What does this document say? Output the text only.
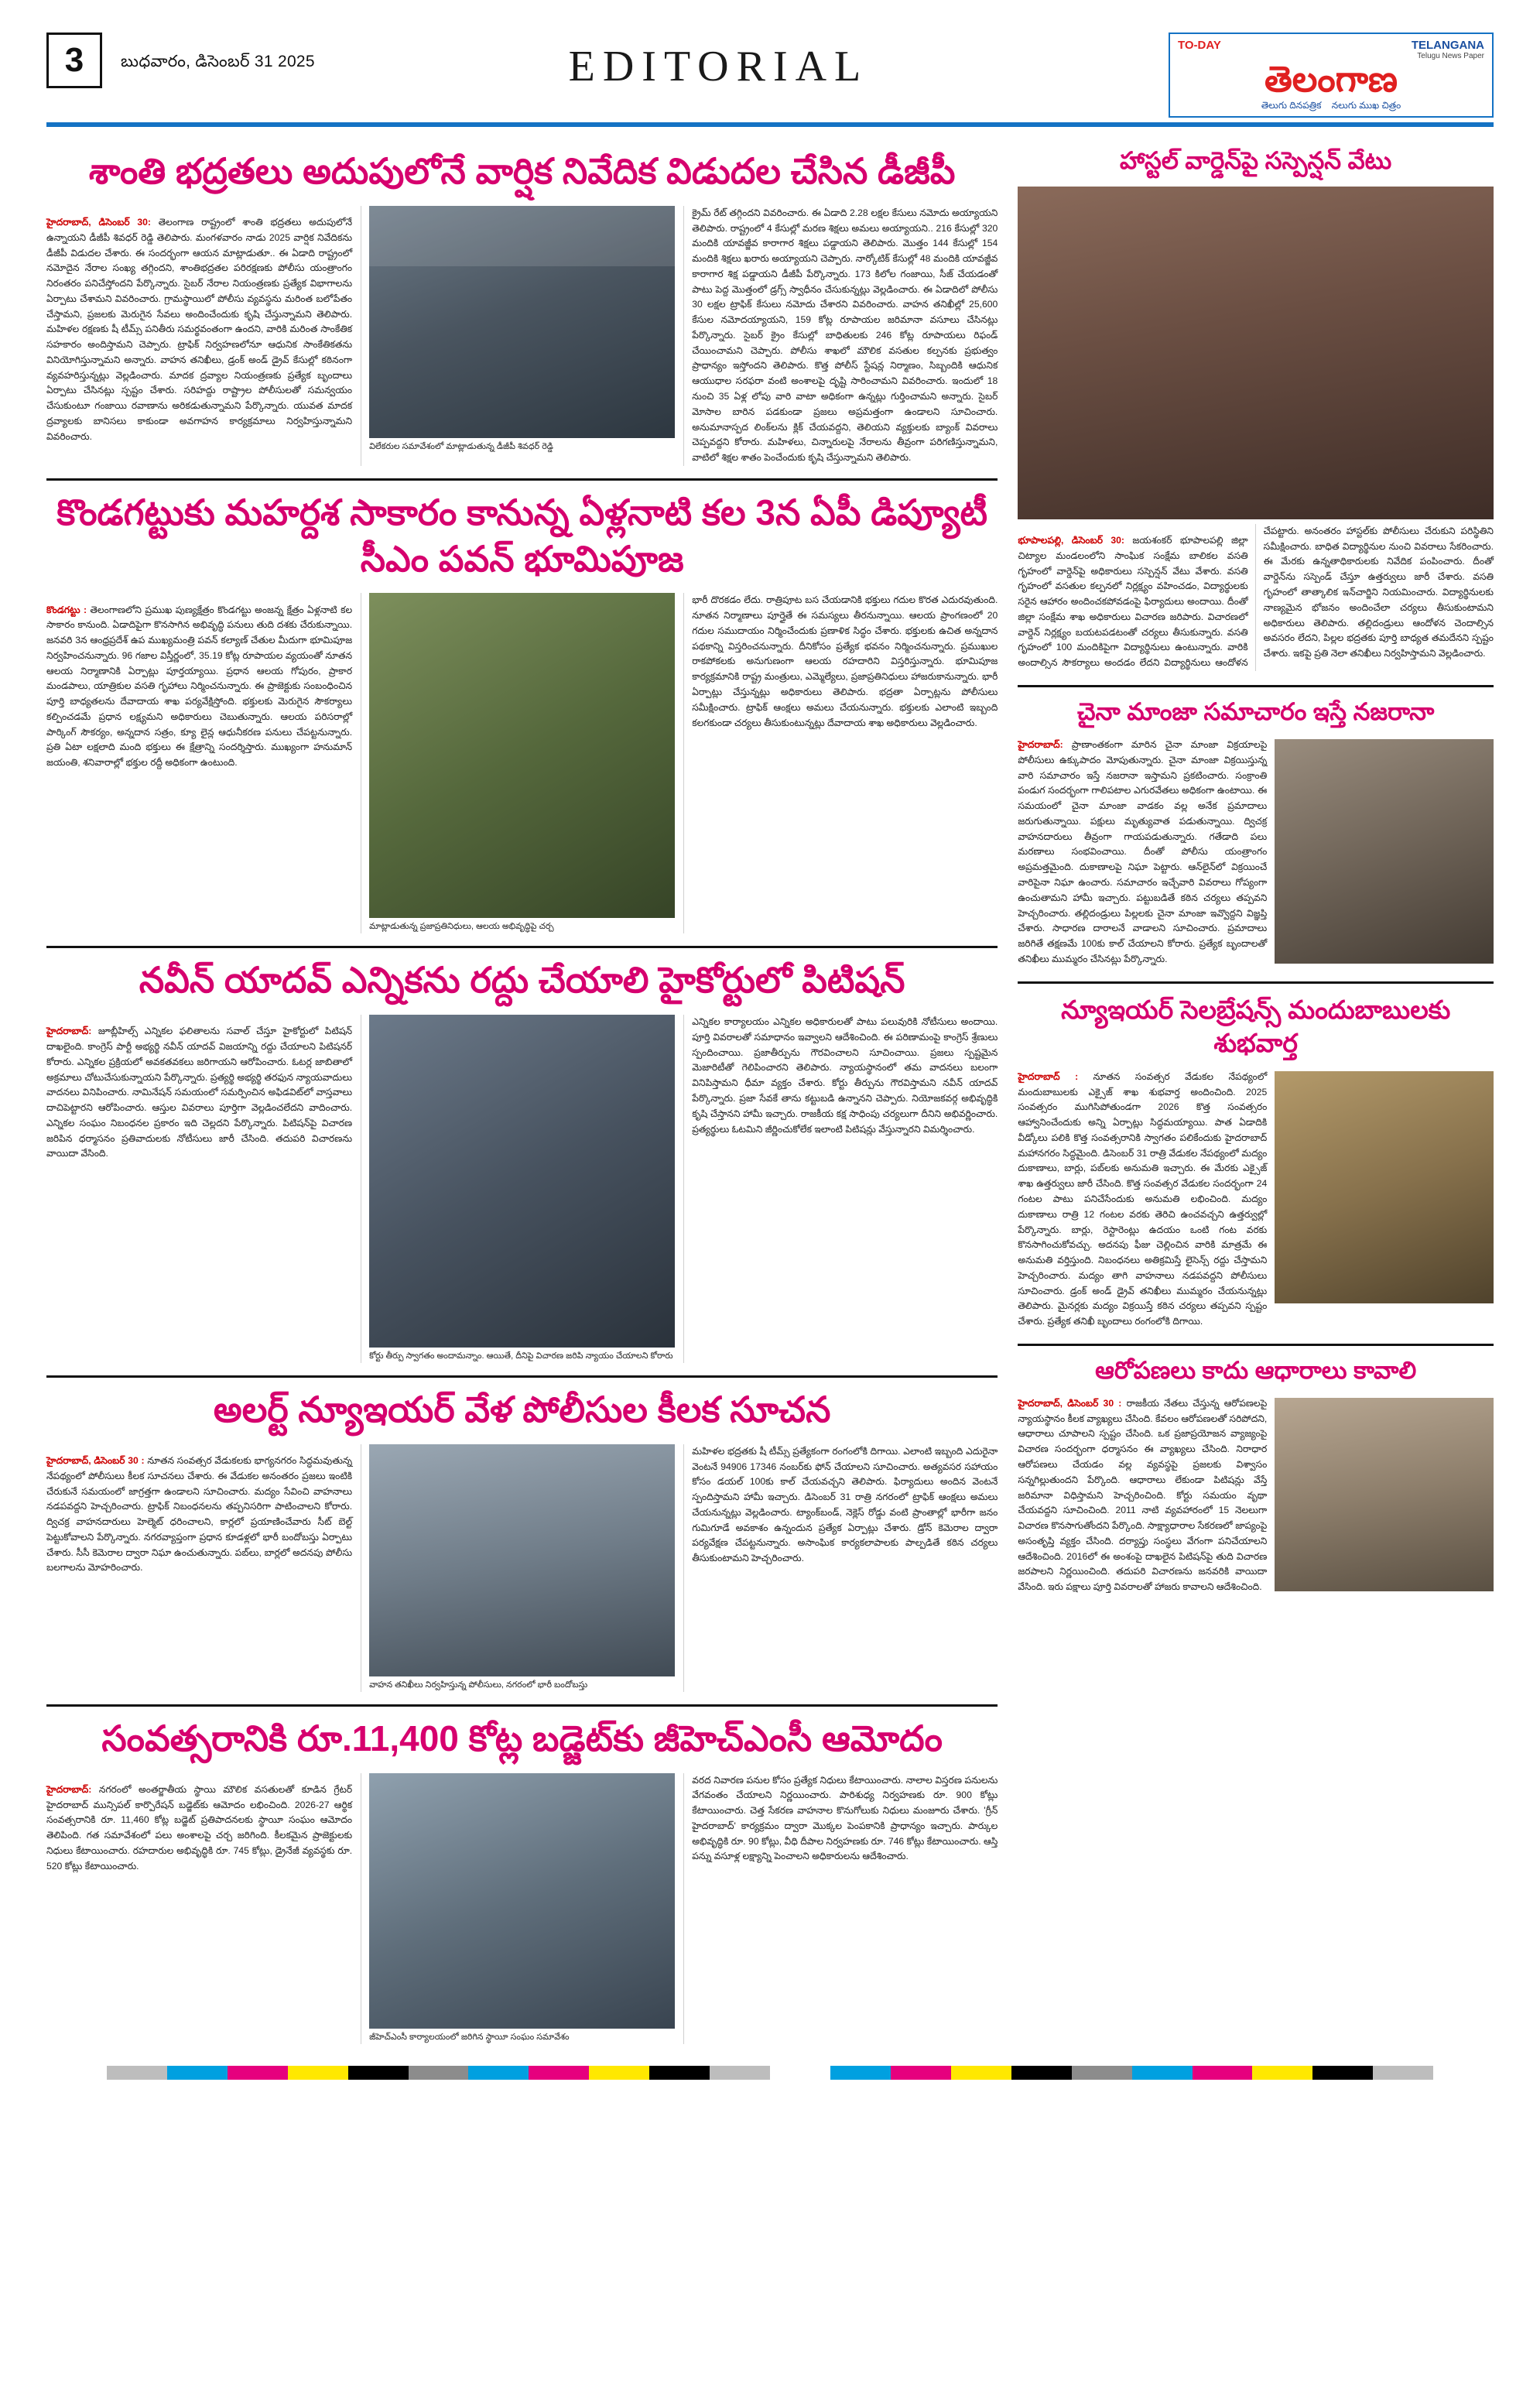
3	బుధవారం, డిసెంబర్ 31 2025	EDITORIAL	TO-DAY	TELANGANA
Telugu News Paper
తెలంగాణ
తెలుగు దినపత్రిక నలుగు ముఖ చిత్రం
శాంతి భద్రతలు అదుపులోనే వార్షిక నివేదిక విడుదల చేసిన డీజీపీ

హైదరాబాద్, డిసెంబర్ 30: తెలంగాణ రాష్ట్రంలో శాంతి భద్రతలు అదుపులోనే ఉన్నాయని డీజీపీ శివధర్ రెడ్డి తెలిపారు. మంగళవారం నాడు 2025 వార్షిక నివేదికను డీజీపీ విడుదల చేశారు. ఈ సందర్భంగా ఆయన మాట్లాడుతూ.. ఈ ఏడాది రాష్ట్రంలో నమోదైన నేరాల సంఖ్య తగ్గిందని, శాంతిభద్రతల పరిరక్షణకు పోలీసు యంత్రాంగం నిరంతరం పనిచేస్తోందని పేర్కొన్నారు. సైబర్ నేరాల నియంత్రణకు ప్రత్యేక విభాగాలను ఏర్పాటు చేశామని వివరించారు. గ్రామస్థాయిలో పోలీసు వ్యవస్థను మరింత బలోపేతం చేస్తామని, ప్రజలకు మెరుగైన సేవలు అందించేందుకు కృషి చేస్తున్నామని తెలిపారు. మహిళల రక్షణకు షీ టీమ్స్ పనితీరు సమర్థవంతంగా ఉందని, వారికి మరింత సాంకేతిక సహకారం అందిస్తామని చెప్పారు. ట్రాఫిక్ నిర్వహణలోనూ ఆధునిక సాంకేతికతను వినియోగిస్తున్నామని అన్నారు. వాహన తనిఖీలు, డ్రంక్ అండ్ డ్రైవ్ కేసుల్లో కఠినంగా వ్యవహరిస్తున్నట్లు వెల్లడించారు. మాదక ద్రవ్యాల నియంత్రణకు ప్రత్యేక బృందాలు ఏర్పాటు చేసినట్లు స్పష్టం చేశారు. సరిహద్దు రాష్ట్రాల పోలీసులతో సమన్వయం చేసుకుంటూ గంజాయి రవాణాను అరికడుతున్నామని పేర్కొన్నారు. యువత మాదక ద్రవ్యాలకు బానిసలు కాకుండా అవగాహన కార్యక్రమాలు నిర్వహిస్తున్నామని వివరించారు.

విలేకరుల సమావేశంలో మాట్లాడుతున్న డీజీపీ శివధర్ రెడ్డి

క్రైమ్ రేట్ తగ్గిందని వివరించారు. ఈ ఏడాది 2.28 లక్షల కేసులు నమోదు అయ్యాయని తెలిపారు. రాష్ట్రంలో 4 కేసుల్లో మరణ శిక్షలు అమలు అయ్యాయని.. 216 కేసుల్లో 320 మందికి యావజ్జీవ కారాగార శిక్షలు పడ్డాయని తెలిపారు. మొత్తం 144 కేసుల్లో 154 మందికి శిక్షలు ఖరారు అయ్యాయని చెప్పారు. నార్కోటిక్ కేసుల్లో 48 మందికి యావజ్జీవ కారాగార శిక్ష పడ్డాయని డీజీపీ పేర్కొన్నారు. 173 కిలోల గంజాయి, సీజ్ చేయడంతో పాటు పెద్ద మొత్తంలో డ్రగ్స్ స్వాధీనం చేసుకున్నట్లు వెల్లడించారు. ఈ ఏడాదిలో పోలీసు 30 లక్షల ట్రాఫిక్ కేసులు నమోదు చేశారని వివరించారు. వాహన తనిఖీల్లో 25,600 కేసుల నమోదయ్యాయని, 159 కోట్ల రూపాయల జరిమానా వసూలు చేసినట్లు పేర్కొన్నారు. సైబర్ క్రైం కేసుల్లో బాధితులకు 246 కోట్ల రూపాయలు రిఫండ్ చేయించామని చెప్పారు. పోలీసు శాఖలో మౌలిక వసతుల కల్పనకు ప్రభుత్వం ప్రాధాన్యం ఇస్తోందని తెలిపారు. కొత్త పోలీస్ స్టేషన్ల నిర్మాణం, సిబ్బందికి ఆధునిక ఆయుధాల సరఫరా వంటి అంశాలపై దృష్టి సారించామని వివరించారు. ఇందులో 18 నుంచి 35 ఏళ్ల లోపు వారి వాటా అధికంగా ఉన్నట్లు గుర్తించామని అన్నారు. సైబర్ మోసాల బారిన పడకుండా ప్రజలు అప్రమత్తంగా ఉండాలని సూచించారు. అనుమానాస్పద లింక్‌లను క్లిక్ చేయవద్దని, తెలియని వ్యక్తులకు బ్యాంక్ వివరాలు చెప్పవద్దని కోరారు. మహిళలు, చిన్నారులపై నేరాలను తీవ్రంగా పరిగణిస్తున్నామని, వాటిలో శిక్షల శాతం పెంచేందుకు కృషి చేస్తున్నామని తెలిపారు.

కొండగట్టుకు మహర్దశ సాకారం కానున్న ఏళ్లనాటి కల 3న ఏపీ డిప్యూటీ సీఎం పవన్ భూమిపూజ

కొండగట్టు : తెలంగాణలోని ప్రముఖ పుణ్యక్షేత్రం కొండగట్టు అంజన్న క్షేత్రం ఏళ్లనాటి కల సాకారం కానుంది. ఏడాదిపైగా కొనసాగిన అభివృద్ధి పనులు తుది దశకు చేరుకున్నాయి. జనవరి 3న ఆంధ్రప్రదేశ్ ఉప ముఖ్యమంత్రి పవన్ కల్యాణ్ చేతుల మీదుగా భూమిపూజ నిర్వహించనున్నారు. 96 గజాల విస్తీర్ణంలో, 35.19 కోట్ల రూపాయల వ్యయంతో నూతన ఆలయ నిర్మాణానికి ఏర్పాట్లు పూర్తయ్యాయి. ప్రధాన ఆలయ గోపురం, ప్రాకార మండపాలు, యాత్రికుల వసతి గృహాలు నిర్మించనున్నారు. ఈ ప్రాజెక్టుకు సంబంధించిన పూర్తి బాధ్యతలను దేవాదాయ శాఖ పర్యవేక్షిస్తోంది. భక్తులకు మెరుగైన సౌకర్యాలు కల్పించడమే ప్రధాన లక్ష్యమని అధికారులు చెబుతున్నారు. ఆలయ పరిసరాల్లో పార్కింగ్ సౌకర్యం, అన్నదాన సత్రం, క్యూ లైన్ల ఆధునీకరణ పనులు చేపట్టనున్నారు. ప్రతి ఏటా లక్షలాది మంది భక్తులు ఈ క్షేత్రాన్ని సందర్శిస్తారు. ముఖ్యంగా హనుమాన్ జయంతి, శనివారాల్లో భక్తుల రద్దీ అధికంగా ఉంటుంది.

మాట్లాడుతున్న ప్రజాప్రతినిధులు, ఆలయ అభివృద్ధిపై చర్చ

భారీ దొరకడం లేదు. రాత్రిపూట బస చేయడానికి భక్తులు గదుల కొరత ఎదురవుతుంది. నూతన నిర్మాణాలు పూర్తైతే ఈ సమస్యలు తీరనున్నాయి. ఆలయ ప్రాంగణంలో 20 గదుల సముదాయం నిర్మించేందుకు ప్రణాళిక సిద్ధం చేశారు. భక్తులకు ఉచిత అన్నదాన పథకాన్ని విస్తరించనున్నారు. దీనికోసం ప్రత్యేక భవనం నిర్మించనున్నారు. ప్రముఖుల రాకపోకలకు అనుగుణంగా ఆలయ రహదారిని విస్తరిస్తున్నారు. భూమిపూజ కార్యక్రమానికి రాష్ట్ర మంత్రులు, ఎమ్మెల్యేలు, ప్రజాప్రతినిధులు హాజరుకానున్నారు. భారీ ఏర్పాట్లు చేస్తున్నట్లు అధికారులు తెలిపారు. భద్రతా ఏర్పాట్లను పోలీసులు సమీక్షించారు. ట్రాఫిక్ ఆంక్షలు అమలు చేయనున్నారు. భక్తులకు ఎలాంటి ఇబ్బంది కలగకుండా చర్యలు తీసుకుంటున్నట్లు దేవాదాయ శాఖ అధికారులు వెల్లడించారు.

నవీన్ యాదవ్ ఎన్నికను రద్దు చేయాలి హైకోర్టులో పిటిషన్

హైదరాబాద్: జూబ్లీహిల్స్ ఎన్నికల ఫలితాలను సవాల్ చేస్తూ హైకోర్టులో పిటిషన్ దాఖలైంది. కాంగ్రెస్ పార్టీ అభ్యర్థి నవీన్ యాదవ్ విజయాన్ని రద్దు చేయాలని పిటిషనర్ కోరారు. ఎన్నికల ప్రక్రియలో అవకతవకలు జరిగాయని ఆరోపించారు. ఓటర్ల జాబితాలో అక్రమాలు చోటుచేసుకున్నాయని పేర్కొన్నారు. ప్రత్యర్థి అభ్యర్థి తరఫున న్యాయవాదులు వాదనలు వినిపించారు. నామినేషన్ సమయంలో సమర్పించిన అఫిడవిట్‌లో వాస్తవాలు దాచిపెట్టారని ఆరోపించారు. ఆస్తుల వివరాలు పూర్తిగా వెల్లడించలేదని వాదించారు. ఎన్నికల సంఘం నిబంధనల ప్రకారం ఇది చెల్లదని పేర్కొన్నారు. పిటిషన్‌పై విచారణ జరిపిన ధర్మాసనం ప్రతివాదులకు నోటీసులు జారీ చేసింది. తదుపరి విచారణను వాయిదా వేసింది.

కోర్టు తీర్పు స్వాగతం అందామన్నాం. ఆయితే, దీనిపై విచారణ జరిపి న్యాయం చేయాలని కోరారు

ఎన్నికల కార్యాలయం ఎన్నికల అధికారులతో పాటు పలువురికి నోటీసులు అందాయి. పూర్తి వివరాలతో సమాధానం ఇవ్వాలని ఆదేశించింది. ఈ పరిణామంపై కాంగ్రెస్ శ్రేణులు స్పందించాయి. ప్రజాతీర్పును గౌరవించాలని సూచించాయి. ప్రజలు స్పష్టమైన మెజారిటీతో గెలిపించారని తెలిపారు. న్యాయస్థానంలో తమ వాదనలు బలంగా వినిపిస్తామని ధీమా వ్యక్తం చేశారు. కోర్టు తీర్పును గౌరవిస్తామని నవీన్ యాదవ్ పేర్కొన్నారు. ప్రజా సేవకే తాను కట్టుబడి ఉన్నానని చెప్పారు. నియోజకవర్గ అభివృద్ధికి కృషి చేస్తానని హామీ ఇచ్చారు. రాజకీయ కక్ష సాధింపు చర్యలుగా దీనిని అభివర్ణించారు. ప్రత్యర్థులు ఓటమిని జీర్ణించుకోలేక ఇలాంటి పిటిషన్లు వేస్తున్నారని విమర్శించారు.

అలర్ట్ న్యూఇయర్ వేళ పోలీసుల కీలక సూచన

హైదరాబాద్, డిసెంబర్ 30 : నూతన సంవత్సర వేడుకలకు భాగ్యనగరం సిద్ధమవుతున్న నేపథ్యంలో పోలీసులు కీలక సూచనలు చేశారు. ఈ వేడుకల అనంతరం ప్రజలు ఇంటికి చేరుకునే సమయంలో జాగ్రత్తగా ఉండాలని సూచించారు. మద్యం సేవించి వాహనాలు నడపవద్దని హెచ్చరించారు. ట్రాఫిక్ నిబంధనలను తప్పనిసరిగా పాటించాలని కోరారు. ద్విచక్ర వాహనదారులు హెల్మెట్ ధరించాలని, కార్లలో ప్రయాణించేవారు సీట్ బెల్ట్ పెట్టుకోవాలని పేర్కొన్నారు. నగరవ్యాప్తంగా ప్రధాన కూడళ్లలో భారీ బందోబస్తు ఏర్పాటు చేశారు. సీసీ కెమెరాల ద్వారా నిఘా ఉంచుతున్నారు. పబ్‌లు, బార్లలో అదనపు పోలీసు బలగాలను మోహరించారు.

వాహన తనిఖీలు నిర్వహిస్తున్న పోలీసులు, నగరంలో భారీ బందోబస్తు

మహిళల భద్రతకు షీ టీమ్స్ ప్రత్యేకంగా రంగంలోకి దిగాయి. ఎలాంటి ఇబ్బంది ఎదురైనా వెంటనే 94906 17346 నంబర్‌కు ఫోన్ చేయాలని సూచించారు. అత్యవసర సహాయం కోసం డయల్ 100కు కాల్ చేయవచ్చని తెలిపారు. ఫిర్యాదులు అందిన వెంటనే స్పందిస్తామని హామీ ఇచ్చారు. డిసెంబర్ 31 రాత్రి నగరంలో ట్రాఫిక్ ఆంక్షలు అమలు చేయనున్నట్లు వెల్లడించారు. ట్యాంక్‌బండ్, నెక్లెస్ రోడ్డు వంటి ప్రాంతాల్లో భారీగా జనం గుమిగూడే అవకాశం ఉన్నందున ప్రత్యేక ఏర్పాట్లు చేశారు. డ్రోన్ కెమెరాల ద్వారా పర్యవేక్షణ చేపట్టనున్నారు. అసాంఘిక కార్యకలాపాలకు పాల్పడితే కఠిన చర్యలు తీసుకుంటామని హెచ్చరించారు.

సంవత్సరానికి రూ.11,400 కోట్ల బడ్జెట్‌కు జీహెచ్ఎంసీ ఆమోదం

హైదరాబాద్: నగరంలో అంతర్జాతీయ స్థాయి మౌలిక వసతులతో కూడిన గ్రేటర్ హైదరాబాద్ మున్సిపల్ కార్పొరేషన్ బడ్జెట్‌కు ఆమోదం లభించింది. 2026-27 ఆర్థిక సంవత్సరానికి రూ. 11,460 కోట్ల బడ్జెట్ ప్రతిపాదనలకు స్థాయీ సంఘం ఆమోదం తెలిపింది. గత సమావేశంలో పలు అంశాలపై చర్చ జరిగింది. కీలకమైన ప్రాజెక్టులకు నిధులు కేటాయించారు. రహదారుల అభివృద్ధికి రూ. 745 కోట్లు, డ్రైనేజీ వ్యవస్థకు రూ. 520 కోట్లు కేటాయించారు.

జీహెచ్ఎంసీ కార్యాలయంలో జరిగిన స్థాయీ సంఘం సమావేశం

వరద నివారణ పనుల కోసం ప్రత్యేక నిధులు కేటాయించారు. నాలాల విస్తరణ పనులను వేగవంతం చేయాలని నిర్ణయించారు. పారిశుధ్య నిర్వహణకు రూ. 900 కోట్లు కేటాయించారు. చెత్త సేకరణ వాహనాల కొనుగోలుకు నిధులు మంజూరు చేశారు. 'గ్రీన్ హైదరాబాద్' కార్యక్రమం ద్వారా మొక్కల పెంపకానికి ప్రాధాన్యం ఇచ్చారు. పార్కుల అభివృద్ధికి రూ. 90 కోట్లు, వీధి దీపాల నిర్వహణకు రూ. 746 కోట్లు కేటాయించారు. ఆస్తి పన్ను వసూళ్ల లక్ష్యాన్ని పెంచాలని అధికారులను ఆదేశించారు.

హాస్టల్ వార్డెన్‌పై సస్పెన్షన్ వేటు

భూపాలపల్లి, డిసెంబర్ 30: జయశంకర్ భూపాలపల్లి జిల్లా చిట్యాల మండలంలోని సాంఘిక సంక్షేమ బాలికల వసతి గృహంలో వార్డెన్‌పై అధికారులు సస్పెన్షన్ వేటు వేశారు. వసతి గృహంలో వసతుల కల్పనలో నిర్లక్ష్యం వహించడం, విద్యార్థులకు సరైన ఆహారం అందించకపోవడంపై ఫిర్యాదులు అందాయి. దీంతో జిల్లా సంక్షేమ శాఖ అధికారులు విచారణ జరిపారు. విచారణలో వార్డెన్ నిర్లక్ష్యం బయటపడటంతో చర్యలు తీసుకున్నారు. వసతి గృహంలో 100 మందికిపైగా విద్యార్థినులు ఉంటున్నారు. వారికి అందాల్సిన సౌకర్యాలు అందడం లేదని విద్యార్థినులు ఆందోళన చేపట్టారు. అనంతరం హాస్టల్‌కు పోలీసులు చేరుకుని పరిస్థితిని సమీక్షించారు. బాధిత విద్యార్థినుల నుంచి వివరాలు సేకరించారు. ఈ మేరకు ఉన్నతాధికారులకు నివేదిక పంపించారు. దీంతో వార్డెన్‌ను సస్పెండ్ చేస్తూ ఉత్తర్వులు జారీ చేశారు. వసతి గృహంలో తాత్కాలిక ఇన్‌చార్జిని నియమించారు. విద్యార్థినులకు నాణ్యమైన భోజనం అందించేలా చర్యలు తీసుకుంటామని అధికారులు తెలిపారు. తల్లిదండ్రులు ఆందోళన చెందాల్సిన అవసరం లేదని, పిల్లల భద్రతకు పూర్తి బాధ్యత తమదేనని స్పష్టం చేశారు. ఇకపై ప్రతి నెలా తనిఖీలు నిర్వహిస్తామని వెల్లడించారు.

చైనా మాంజా సమాచారం ఇస్తే నజరానా

హైదరాబాద్: ప్రాణాంతకంగా మారిన చైనా మాంజా విక్రయాలపై పోలీసులు ఉక్కుపాదం మోపుతున్నారు. చైనా మాంజా విక్రయిస్తున్న వారి సమాచారం ఇస్తే నజరానా ఇస్తామని ప్రకటించారు. సంక్రాంతి పండుగ సందర్భంగా గాలిపటాల ఎగురవేతలు అధికంగా ఉంటాయి. ఈ సమయంలో చైనా మాంజా వాడకం వల్ల అనేక ప్రమాదాలు జరుగుతున్నాయి. పక్షులు మృత్యువాత పడుతున్నాయి. ద్విచక్ర వాహనదారులు తీవ్రంగా గాయపడుతున్నారు. గతేడాది పలు మరణాలు సంభవించాయి. దీంతో పోలీసు యంత్రాంగం అప్రమత్తమైంది. దుకాణాలపై నిఘా పెట్టారు. ఆన్‌లైన్‌లో విక్రయించే వారిపైనా నిఘా ఉంచారు. సమాచారం ఇచ్చేవారి వివరాలు గోప్యంగా ఉంచుతామని హామీ ఇచ్చారు. పట్టుబడితే కఠిన చర్యలు తప్పవని హెచ్చరించారు. తల్లిదండ్రులు పిల్లలకు చైనా మాంజా ఇవ్వొద్దని విజ్ఞప్తి చేశారు. సాధారణ దారాలనే వాడాలని సూచించారు. ప్రమాదాలు జరిగితే తక్షణమే 100కు కాల్ చేయాలని కోరారు. ప్రత్యేక బృందాలతో తనిఖీలు ముమ్మరం చేసినట్లు పేర్కొన్నారు.

న్యూఇయర్ సెలబ్రేషన్స్ మందుబాబులకు శుభవార్త

హైదరాబాద్ : నూతన సంవత్సర వేడుకల నేపథ్యంలో మందుబాబులకు ఎక్సైజ్ శాఖ శుభవార్త అందించింది. 2025 సంవత్సరం ముగిసిపోతుండగా 2026 కొత్త సంవత్సరం ఆహ్వానించేందుకు అన్ని ఏర్పాట్లు సిద్ధమయ్యాయి. పాత ఏడాదికి వీడ్కోలు పలికి కొత్త సంవత్సరానికి స్వాగతం పలికేందుకు హైదరాబాద్ మహానగరం సిద్ధమైంది. డిసెంబర్ 31 రాత్రి వేడుకల నేపథ్యంలో మద్యం దుకాణాలు, బార్లు, పబ్‌లకు అనుమతి ఇచ్చారు. ఈ మేరకు ఎక్సైజ్ శాఖ ఉత్తర్వులు జారీ చేసింది. కొత్త సంవత్సర వేడుకల సందర్భంగా 24 గంటల పాటు పనిచేసేందుకు అనుమతి లభించింది. మద్యం దుకాణాలు రాత్రి 12 గంటల వరకు తెరిచి ఉంచవచ్చని ఉత్తర్వుల్లో పేర్కొన్నారు. బార్లు, రెస్టారెంట్లు ఉదయం ఒంటి గంట వరకు కొనసాగించుకోవచ్చు. అదనపు ఫీజు చెల్లించిన వారికి మాత్రమే ఈ అనుమతి వర్తిస్తుంది. నిబంధనలు అతిక్రమిస్తే లైసెన్స్ రద్దు చేస్తామని హెచ్చరించారు. మద్యం తాగి వాహనాలు నడపవద్దని పోలీసులు సూచించారు. డ్రంక్ అండ్ డ్రైవ్ తనిఖీలు ముమ్మరం చేయనున్నట్లు తెలిపారు. మైనర్లకు మద్యం విక్రయిస్తే కఠిన చర్యలు తప్పవని స్పష్టం చేశారు. ప్రత్యేక తనిఖీ బృందాలు రంగంలోకి దిగాయి.

ఆరోపణలు కాదు ఆధారాలు కావాలి

హైదరాబాద్, డిసెంబర్ 30 : రాజకీయ నేతలు చేస్తున్న ఆరోపణలపై న్యాయస్థానం కీలక వ్యాఖ్యలు చేసింది. కేవలం ఆరోపణలతో సరిపోదని, ఆధారాలు చూపాలని స్పష్టం చేసింది. ఒక ప్రజాప్రయోజన వ్యాజ్యంపై విచారణ సందర్భంగా ధర్మాసనం ఈ వ్యాఖ్యలు చేసింది. నిరాధార ఆరోపణలు చేయడం వల్ల వ్యవస్థపై ప్రజలకు విశ్వాసం సన్నగిల్లుతుందని పేర్కొంది. ఆధారాలు లేకుండా పిటిషన్లు వేస్తే జరిమానా విధిస్తామని హెచ్చరించింది. కోర్టు సమయం వృథా చేయవద్దని సూచించింది. 2011 నాటి వ్యవహారంలో 15 నెలలుగా విచారణ కొనసాగుతోందని పేర్కొంది. సాక్ష్యాధారాల సేకరణలో జాప్యంపై అసంతృప్తి వ్యక్తం చేసింది. దర్యాప్తు సంస్థలు వేగంగా పనిచేయాలని ఆదేశించింది. 2016లో ఈ అంశంపై దాఖలైన పిటిషన్‌పై తుది విచారణ జరపాలని నిర్ణయించింది. తదుపరి విచారణను జనవరికి వాయిదా వేసింది. ఇరు పక్షాలు పూర్తి వివరాలతో హాజరు కావాలని ఆదేశించింది.
